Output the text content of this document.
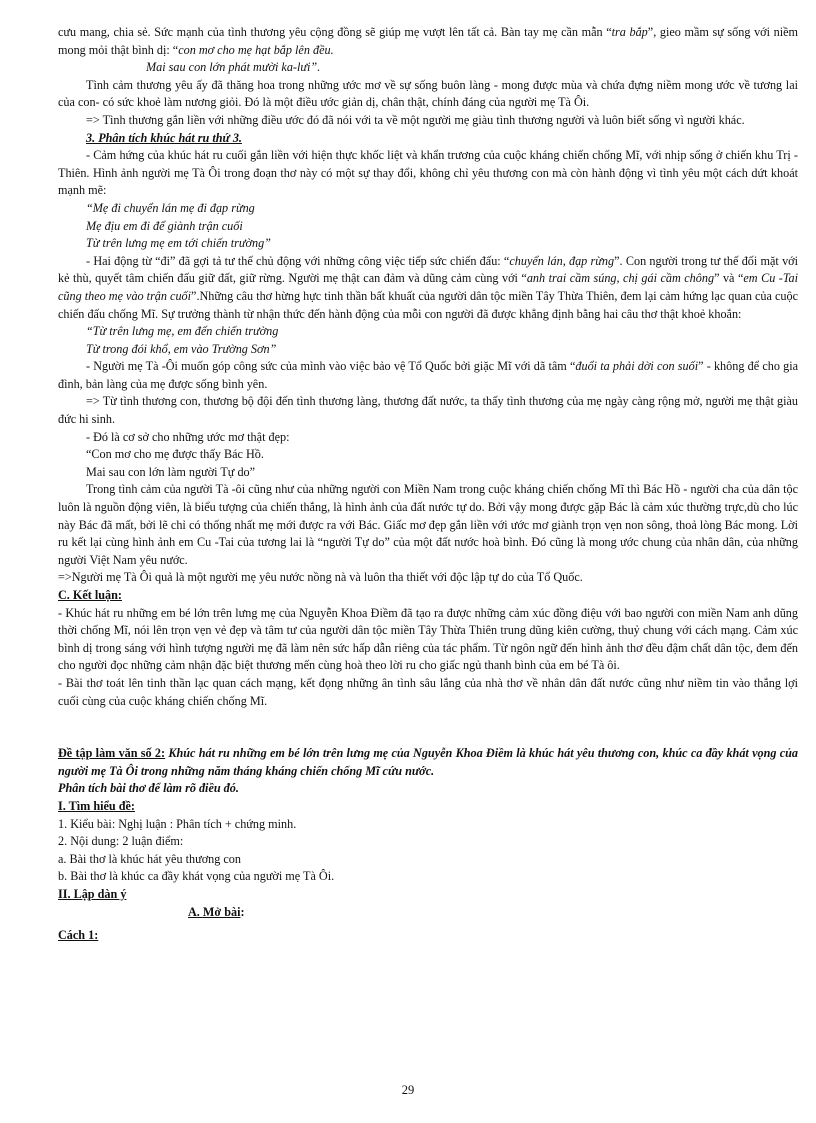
cưu mang, chia sẻ. Sức mạnh của tình thương yêu cộng đồng sẽ giúp mẹ vượt lên tất cả. Bàn tay mẹ cần mẫn “tra bắp”, gieo mầm sự sống với niềm mong mỏi thật bình dị: “con mơ cho mẹ hạt bắp lên đều.

Mai sau con lớn phát mười ka-lưi”.

Tình cảm thương yêu ấy đã thăng hoa trong những ước mơ về sự sống buôn làng - mong được mùa và chứa đựng niềm mong ước về tương lai của con- có sức khoẻ làm nương giỏi. Đó là một điều ước giản dị, chân thật, chính đáng của người mẹ Tà Ôi.

=> Tình thương gắn liền với những điều ước đó đã nói với ta về một người mẹ giàu tình thương người và luôn biết sống vì người khác.

3. Phân tích khúc hát ru thứ 3.

- Cảm hứng của khúc hát ru cuối gắn liền với hiện thực khốc liệt và khẩn trương của cuộc kháng chiến chống Mĩ, với nhịp sống ở chiến khu Trị - Thiên. Hình ảnh người mẹ Tà Ôi trong đoạn thơ này có một sự thay đổi, không chỉ yêu thương con mà còn hành động vì tình yêu một cách dứt khoát mạnh mẽ:

“Mẹ đi chuyển lán mẹ đi đạp rừng

Mẹ địu em đi để giành trận cuối

Từ trên lưng mẹ em tới chiến trường”

- Hai động từ “đi” đã gợi tả tư thế chủ động với những công việc tiếp sức chiến đấu: “chuyển lán, đạp rừng”. Con người trong tư thế đối mặt với kẻ thù, quyết tâm chiến đấu giữ đất, giữ rừng. Người mẹ thật can đảm và dũng cảm cùng với “anh trai cầm súng, chị gái cầm chông” và “em Cu -Tai cũng theo mẹ vào trận cuối”.Những câu thơ hừng hực tinh thần bất khuất của người dân tộc miền Tây Thừa Thiên, đem lại cảm hứng lạc quan của cuộc chiến đấu chống Mĩ. Sự trưởng thành từ nhận thức đến hành động của mỗi con người đã được khẳng định bằng hai câu thơ thật khoẻ khoắn:

“Từ trên lưng mẹ, em đến chiến trường

Từ trong đói khổ, em vào Trường Sơn”

- Người mẹ Tà -Ôi muốn góp công sức của mình vào việc bảo vệ Tổ Quốc bởi giặc Mĩ với dã tâm “đuổi ta phải dời con suối” - không để cho gia đình, bản làng của mẹ được sống bình yên.

=> Từ tình thương con, thương bộ đội đến tình thương làng, thương đất nước, ta thấy tình thương của mẹ ngày càng rộng mở, người mẹ thật giàu đức hi sinh.

- Đó là cơ sở cho những ước mơ thật đẹp:

“Con mơ cho mẹ được thấy Bác Hồ.

Mai sau con lớn làm người Tự do”

Trong tình cảm của người Tà -ôi cũng như của những người con Miền Nam trong cuộc kháng chiến chống Mĩ thì Bác Hồ - người cha của dân tộc luôn là nguồn động viên, là biểu tượng của chiến thắng, là hình ảnh của đất nước tự do. Bởi vậy mong được gặp Bác là cảm xúc thường trực,dù cho lúc này Bác đã mất, bởi lẽ chỉ có thống nhất mẹ mới được ra với Bác. Giấc mơ đẹp gắn liền với ước mơ giành trọn vẹn non sông, thoả lòng Bác mong. Lời ru kết lại cùng hình ảnh em Cu -Tai của tương lai là “người Tự do” của một đất nước hoà bình. Đó cũng là mong ước chung của nhân dân, của những người Việt Nam yêu nước.

=>Người mẹ Tà Ôi quả là một người mẹ yêu nước nồng nà và luôn tha thiết với độc lập tự do của Tổ Quốc.

C. Kết luận:

- Khúc hát ru những em bé lớn trên lưng mẹ của Nguyễn Khoa Điềm đã tạo ra được những cảm xúc đồng điệu với bao người con miền Nam anh dũng thời chống Mĩ, nói lên trọn vẹn vẻ đẹp và tâm tư của người dân tộc miền Tây Thừa Thiên trung dũng kiên cường, thuỷ chung với cách mạng. Cảm xúc bình dị trong sáng với hình tượng người mẹ đã làm nên sức hấp dẫn riêng của tác phẩm. Từ ngôn ngữ đến hình ảnh thơ đều đậm chất dân tộc, đem đến cho người đọc những cảm nhận đặc biệt thương mến cùng hoà theo lời ru cho giấc ngủ thanh bình của em bé Tà ôi.

- Bài thơ toát lên tinh thần lạc quan cách mạng, kết đọng những ân tình sâu lắng của nhà thơ về nhân dân đất nước cũng như niềm tin vào thắng lợi cuối cùng của cuộc kháng chiến chống Mĩ.

Đề tập làm văn số 2: Khúc hát ru những em bé lớn trên lưng mẹ của Nguyễn Khoa Điềm là khúc hát yêu thương con, khúc ca đầy khát vọng của người mẹ Tà Ôi trong những năm tháng kháng chiến chống Mĩ cứu nước.

Phân tích bài thơ để làm rõ điều đó.

I. Tìm hiểu đề:

1. Kiểu bài: Nghị luận : Phân tích + chứng minh.

2. Nội dung: 2 luận điểm:

a. Bài thơ là khúc hát yêu thương con

b. Bài thơ là khúc ca đầy khát vọng của người mẹ Tà Ôi.

II. Lập dàn ý

A. Mở bài:

Cách 1:

29
